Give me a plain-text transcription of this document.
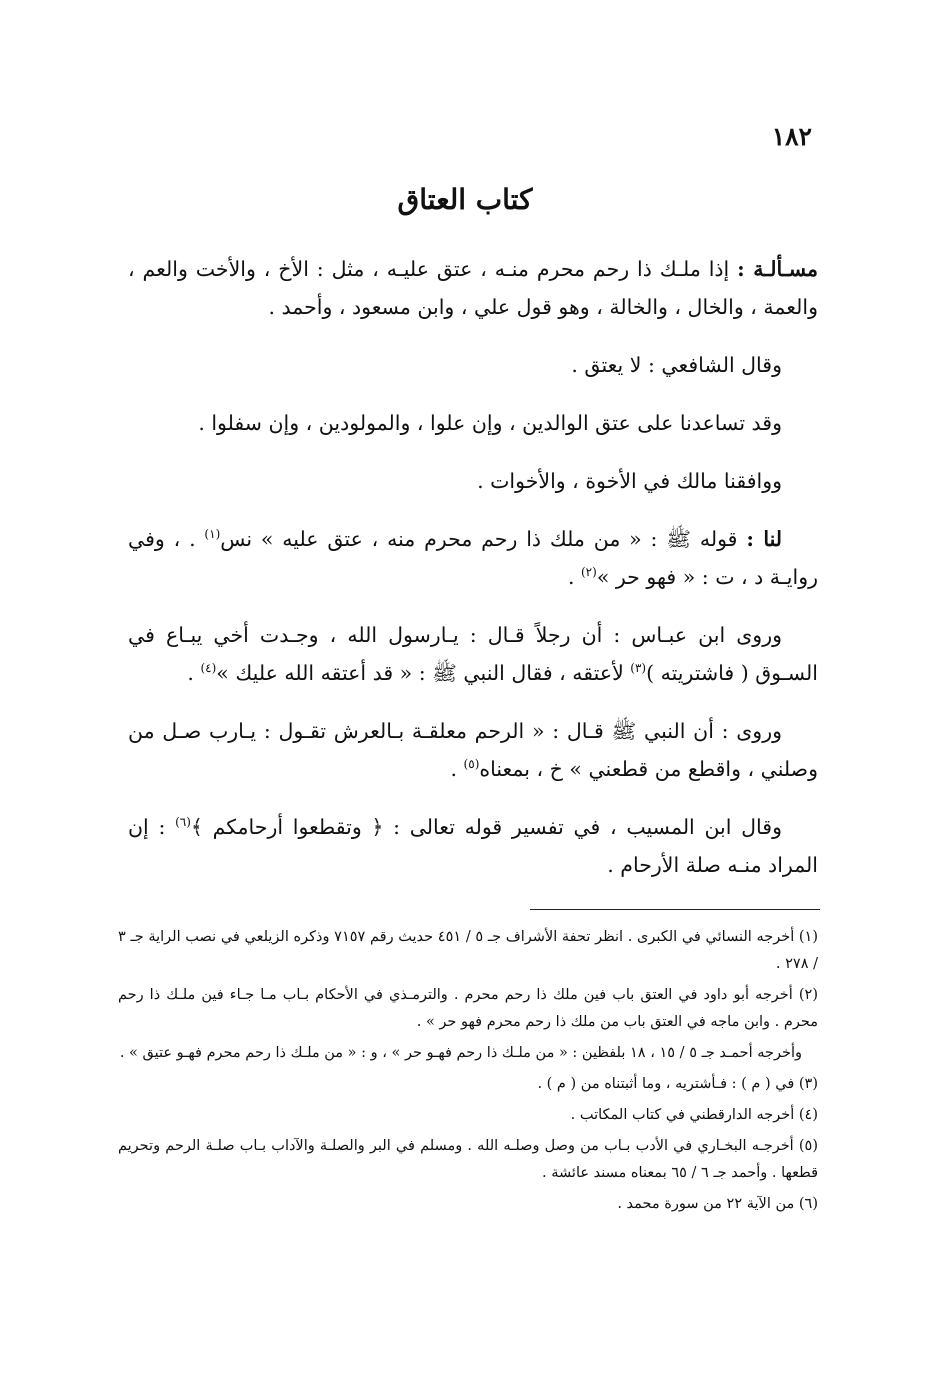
١٨٢
كتاب العتاق

مسـألـة : إذا ملـك ذا رحم محرم منـه ، عتق عليـه ، مثل : الأخ ، والأخت والعم ، والعمة ، والخال ، والخالة ، وهو قول علي ، وابن مسعود ، وأحمد .

وقال الشافعي : لا يعتق .

وقد تساعدنا على عتق الوالدين ، وإن علوا ، والمولودين ، وإن سفلوا .

ووافقنا مالك في الأخوة ، والأخوات .

لنا : قوله ﷺ : « من ملك ذا رحم محرم منه ، عتق عليه » نس$^{(١)}$ . ، وفي روايـة د ، ت : « فهو حر »$^{(٢)}$ .

وروى ابن عبـاس : أن رجلاً قـال : يـارسول الله ، وجـدت أخي يبـاع في السـوق ( فاشتريته )$^{(٣)}$ لأعتقه ، فقال النبي ﷺ : « قد أعتقه الله عليك »$^{(٤)}$ .

وروى : أن النبي ﷺ قـال : « الرحم معلقـة بـالعرش تقـول : يـارب صـل من وصلني ، واقطع من قطعني » خ ، بمعناه$^{(٥)}$ .

وقال ابن المسيب ، في تفسير قوله تعالى : ﴿ وتقطعوا أرحامكم ﴾$^{(٦)}$ : إن المراد منـه صلة الأرحام .

(١) أخرجه النسائي في الكبرى . انظر تحفة الأشراف جـ ٥ / ٤٥١ حديث رقم ٧١٥٧ وذكره الزيلعي في نصب الراية جـ ٣ / ٢٧٨ .

(٢) أخرجه أبو داود في العتق باب فين ملك ذا رحم محرم . والترمـذي في الأحكام بـاب مـا جـاء فين ملـك ذا رحم محرم . وابن ماجه في العتق باب من ملك ذا رحم محرم فهو حر » .

وأخرجه أحمـد جـ ٥ / ١٥ ، ١٨ بلفظين : « من ملـك ذا رحم فهـو حر » ، و : « من ملـك ذا رحم محرم فهـو عتيق » .

(٣) في ( م ) : فـأشتريه ، وما أثبتناه من ( م ) .

(٤) أخرجه الدارقطني في كتاب المكاتب .

(٥) أخرجـه البخـاري في الأدب بـاب من وصل وصلـه الله . ومسلم في البر والصلـة والآداب بـاب صلـة الرحم وتحريم قطعها . وأحمد جـ ٦ / ٦٥ بمعناه مسند عائشة .

(٦) من الآية ٢٢ من سورة محمد .
